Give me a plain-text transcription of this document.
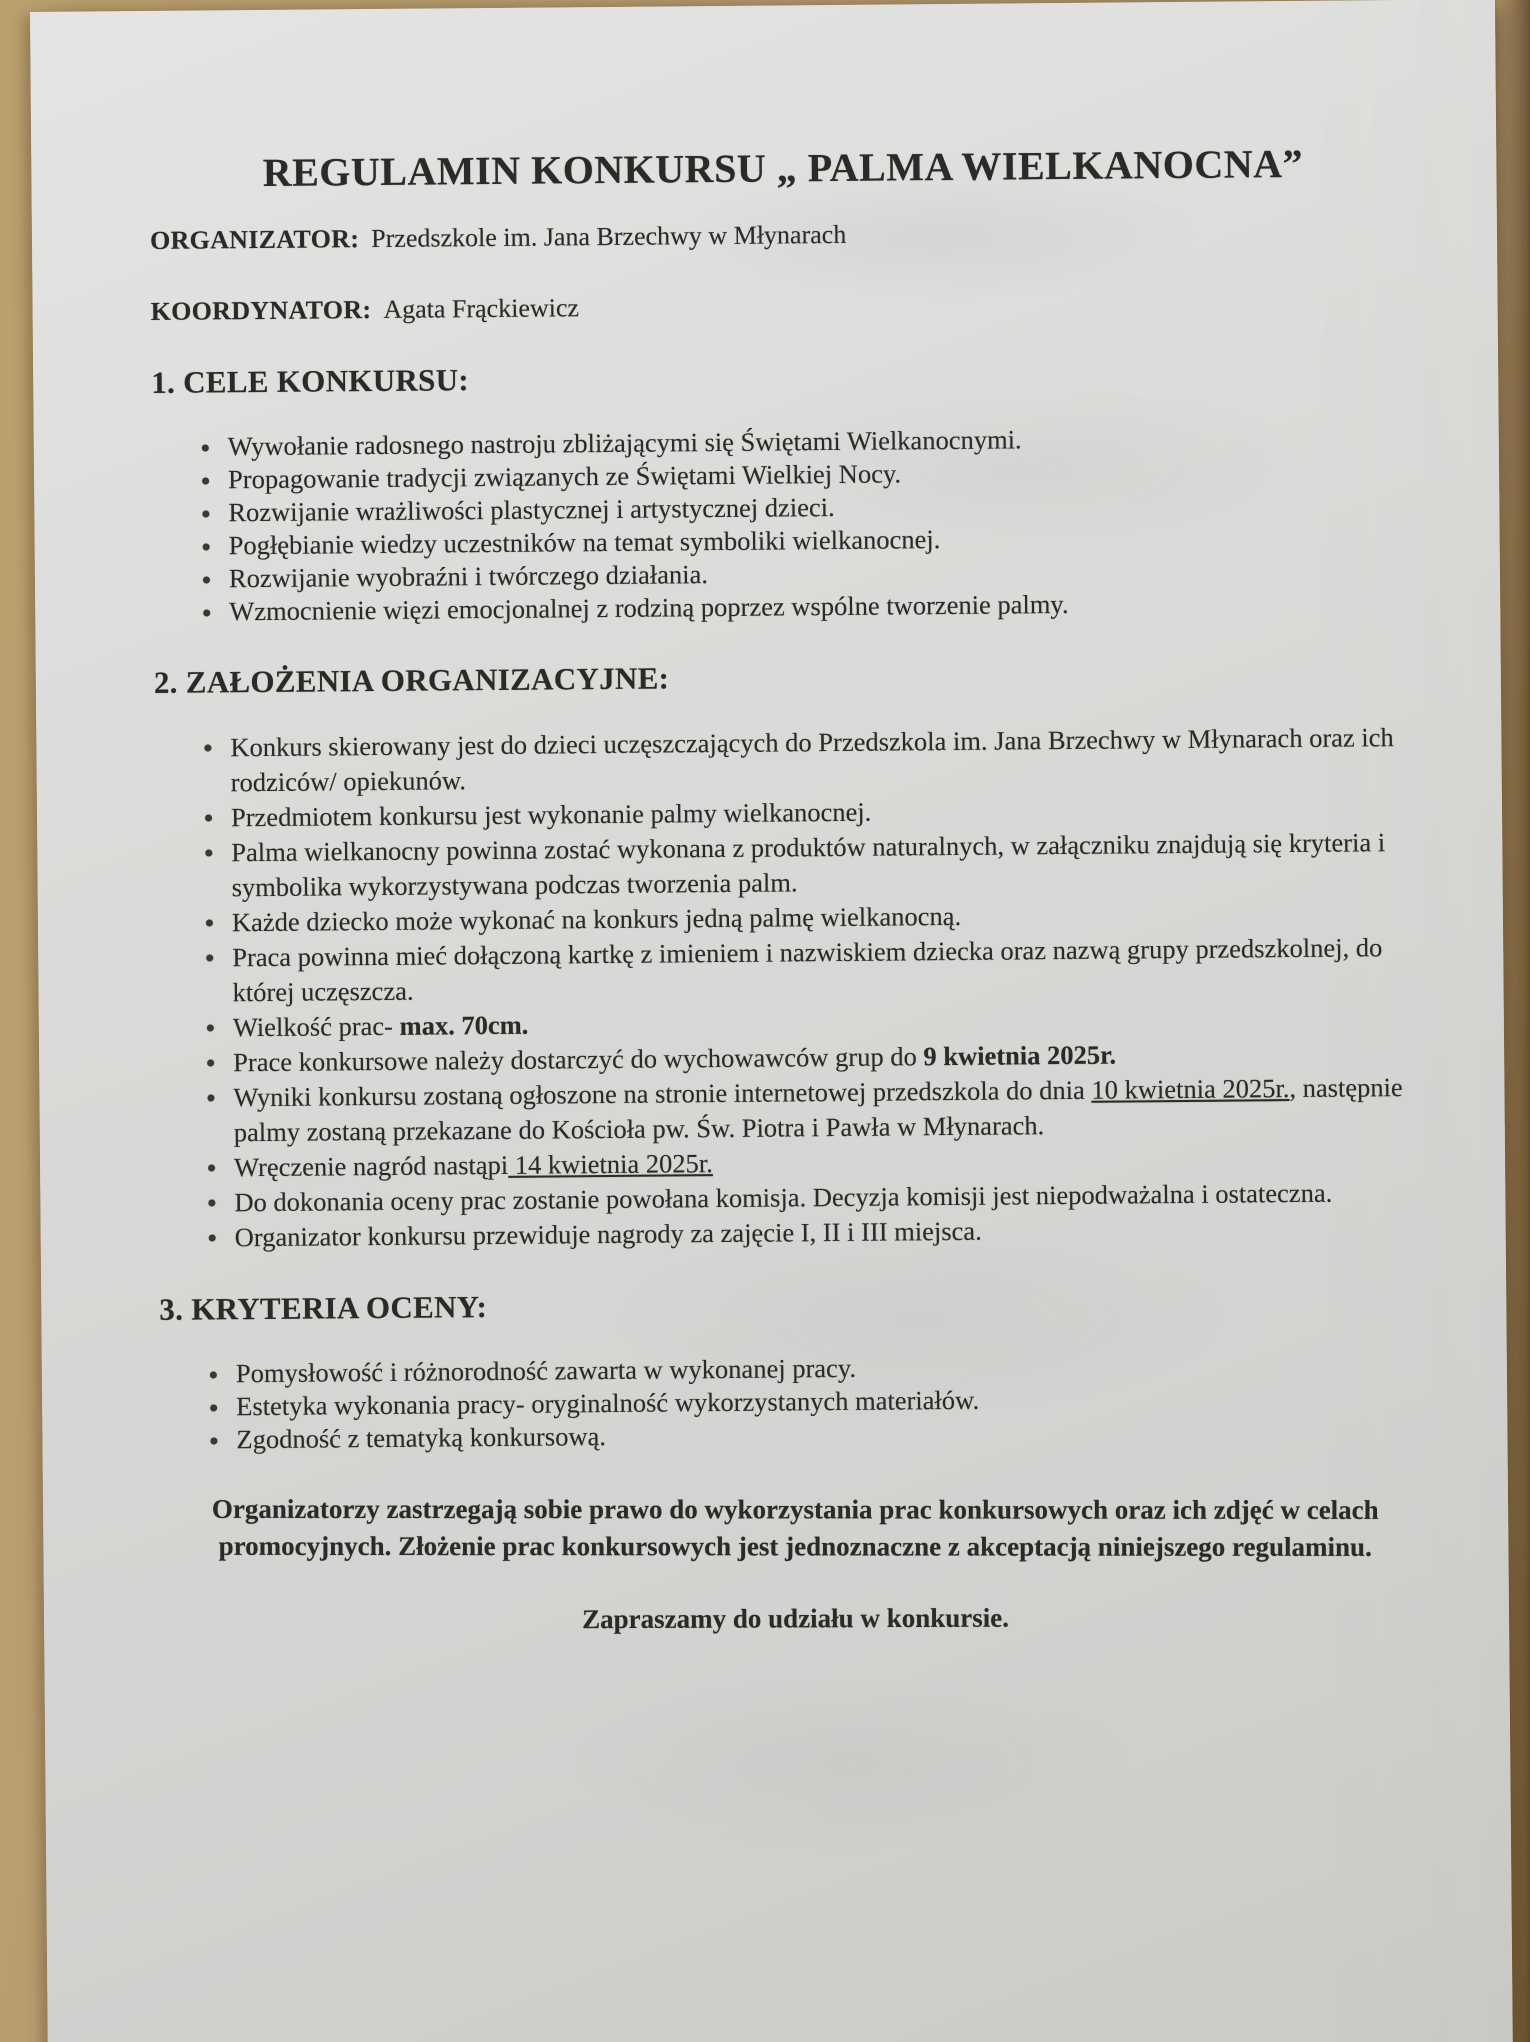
REGULAMIN KONKURSU „ PALMA WIELKANOCNA”

ORGANIZATOR: Przedszkole im. Jana Brzechwy w Młynarach

KOORDYNATOR: Agata Frąckiewicz

1. CELE KONKURSU:
Wywołanie radosnego nastroju zbliżającymi się Świętami Wielkanocnymi.
Propagowanie tradycji związanych ze Świętami Wielkiej Nocy.
Rozwijanie wrażliwości plastycznej i artystycznej dzieci.
Pogłębianie wiedzy uczestników na temat symboliki wielkanocnej.
Rozwijanie wyobraźni i twórczego działania.
Wzmocnienie więzi emocjonalnej z rodziną poprzez wspólne tworzenie palmy.
2. ZAŁOŻENIA ORGANIZACYJNE:
Konkurs skierowany jest do dzieci uczęszczających do Przedszkola im. Jana Brzechwy w Młynarach oraz ich rodziców/ opiekunów.
Przedmiotem konkursu jest wykonanie palmy wielkanocnej.
Palma wielkanocny powinna zostać wykonana z produktów naturalnych, w załączniku znajdują się kryteria i symbolika wykorzystywana podczas tworzenia palm.
Każde dziecko może wykonać na konkurs jedną palmę wielkanocną.
Praca powinna mieć dołączoną kartkę z imieniem i nazwiskiem dziecka oraz nazwą grupy przedszkolnej, do której uczęszcza.
Wielkość prac- max. 70cm.
Prace konkursowe należy dostarczyć do wychowawców grup do 9 kwietnia 2025r.
Wyniki konkursu zostaną ogłoszone na stronie internetowej przedszkola do dnia 10 kwietnia 2025r., następnie palmy zostaną przekazane do Kościoła pw. Św. Piotra i Pawła w Młynarach.
Wręczenie nagród nastąpi 14 kwietnia 2025r.
Do dokonania oceny prac zostanie powołana komisja. Decyzja komisji jest niepodważalna i ostateczna.
Organizator konkursu przewiduje nagrody za zajęcie I, II i III miejsca.
3. KRYTERIA OCENY:
Pomysłowość i różnorodność zawarta w wykonanej pracy.
Estetyka wykonania pracy- oryginalność wykorzystanych materiałów.
Zgodność z tematyką konkursową.

Organizatorzy zastrzegają sobie prawo do wykorzystania prac konkursowych oraz ich zdjęć w celach promocyjnych. Złożenie prac konkursowych jest jednoznaczne z akceptacją niniejszego regulaminu.

Zapraszamy do udziału w konkursie.
